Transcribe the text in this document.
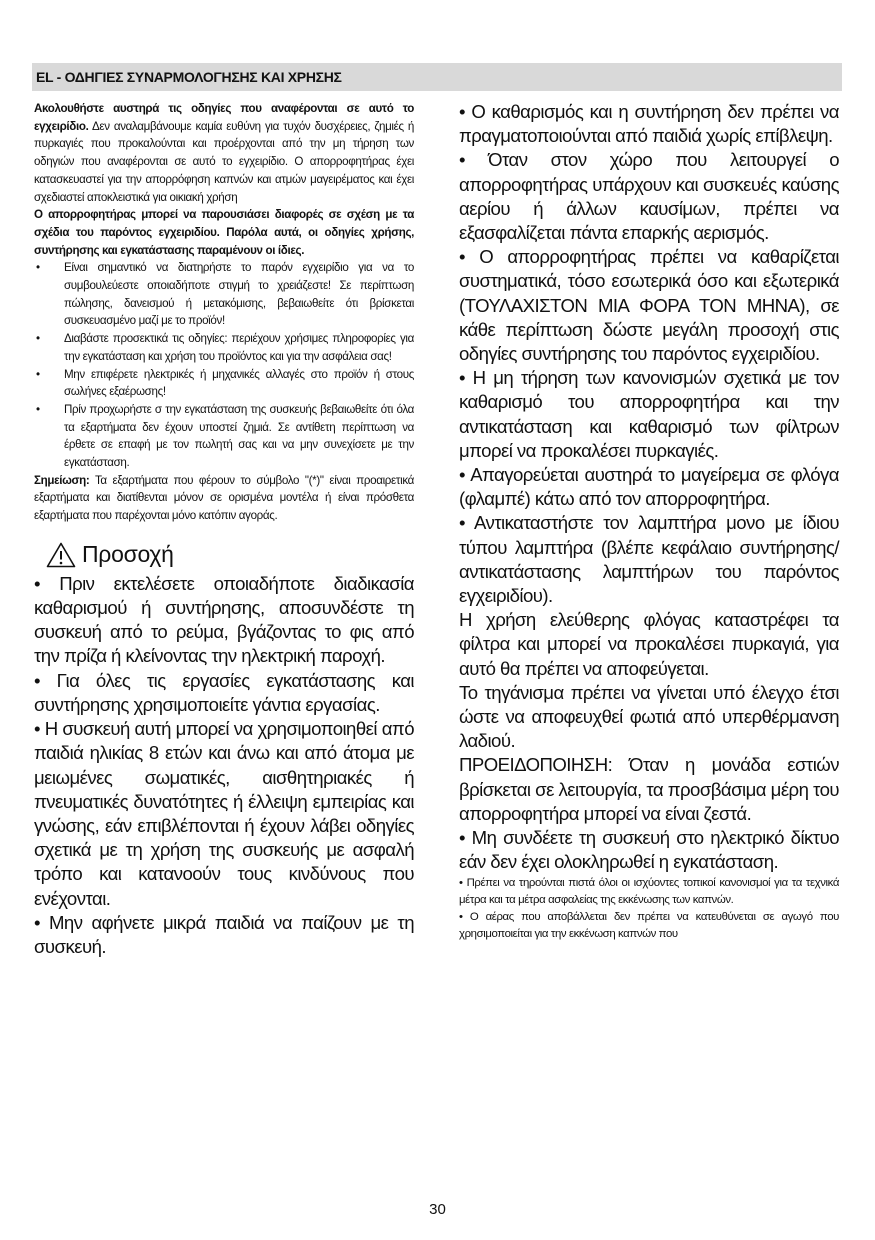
EL - ΟΔΗΓΙΕΣ ΣΥΝΑΡΜΟΛΟΓΗΣΗΣ ΚΑΙ ΧΡΗΣΗΣ

Ακολουθήστε αυστηρά τις οδηγίες που αναφέρονται σε αυτό το εγχειρίδιο. Δεν αναλαμβάνουμε καμία ευθύνη για τυχόν δυσχέρειες, ζημιές ή πυρκαγιές που προκαλούνται και προέρχονται από την μη τήρηση των οδηγιών που αναφέρονται σε αυτό το εγχειρίδιο. Ο απορροφητήρας έχει κατασκευαστεί για την απορρόφηση καπνών και ατμών μαγειρέματος και έχει σχεδιαστεί αποκλειστικά για οικιακή χρήση

Ο απορροφητήρας μπορεί να παρουσιάσει διαφορές σε σχέση με τα σχέδια του παρόντος εγχειριδίου. Παρόλα αυτά, οι οδηγίες χρήσης, συντήρησης και εγκατάστασης παραμένουν οι ίδιες.

• Είναι σημαντικό να διατηρήστε το παρόν εγχειρίδιο για να το συμβουλεύεστε οποιαδήποτε στιγμή το χρειάζεστε! Σε περίπτωση πώλησης, δανεισμού ή μετακόμισης, βεβαιωθείτε ότι βρίσκεται συσκευασμένο μαζί με το προϊόν!
• Διαβάστε προσεκτικά τις οδηγίες: περιέχουν χρήσιμες πληροφορίες για την εγκατάσταση και χρήση του προϊόντος και για την ασφάλεια σας!
• Μην επιφέρετε ηλεκτρικές ή μηχανικές αλλαγές στο προϊόν ή στους σωλήνες εξαέρωσης!
• Πρίν προχωρήστε σ την εγκατάσταση της συσκευής βεβαιωθείτε ότι όλα τα εξαρτήματα δεν έχουν υποστεί ζημιά. Σε αντίθετη περίπτωση να έρθετε σε επαφή με τον πωλητή σας και να μην συνεχίσετε με την εγκατάσταση.

Σημείωση: Τα εξαρτήματα που φέρουν το σύμβολο "(*)" είναι προαιρετικά εξαρτήματα και διατίθενται μόνον σε ορισμένα μοντέλα ή είναι πρόσθετα εξαρτήματα που παρέχονται μόνο κατόπιν αγοράς.

Προσοχή

• Πριν εκτελέσετε οποιαδήποτε διαδικασία καθαρισμού ή συντήρησης, αποσυνδέστε τη συσκευή από το ρεύμα, βγάζοντας το φις από την πρίζα ή κλείνοντας την ηλεκτρική παροχή.

• Για όλες τις εργασίες εγκατάστασης και συντήρησης χρησιμοποιείτε γάντια εργασίας.

• Η συσκευή αυτή μπορεί να χρησιμοποιηθεί από παιδιά ηλικίας 8 ετών και άνω και από άτομα με μειωμένες σωματικές, αισθητηριακές ή πνευματικές δυνατότητες ή έλλειψη εμπειρίας και γνώσης, εάν επιβλέπονται ή έχουν λάβει οδηγίες σχετικά με τη χρήση της συσκευής με ασφαλή τρόπο και κατανοούν τους κινδύνους που ενέχονται.

• Μην αφήνετε μικρά παιδιά να παίζουν με τη συσκευή.

• Ο καθαρισμός και η συντήρηση δεν πρέπει να πραγματοποιούνται από παιδιά χωρίς επίβλεψη.

• Όταν στον χώρο που λειτουργεί ο απορροφητήρας υπάρχουν και συσκευές καύσης αερίου ή άλλων καυσίμων, πρέπει να εξασφαλίζεται πάντα επαρκής αερισμός.

• Ο απορροφητήρας πρέπει να καθαρίζεται συστηματικά, τόσο εσωτερικά όσο και εξωτερικά (ΤΟΥΛΑΧΙΣΤΟΝ ΜΙΑ ΦΟΡΑ ΤΟΝ ΜΗΝΑ), σε κάθε περίπτωση δώστε μεγάλη προσοχή στις οδηγίες συντήρησης του παρόντος εγχειριδίου.

• Η μη τήρηση των κανονισμών σχετικά με τον καθαρισμό του απορροφητήρα και την αντικατάσταση και καθαρισμό των φίλτρων μπορεί να προκαλέσει πυρκαγιές.

• Απαγορεύεται αυστηρά το μαγείρεμα σε φλόγα (φλαμπέ) κάτω από τον απορροφητήρα.

• Αντικαταστήστε τον λαμπτήρα μονο με ίδιου τύπου λαμπτήρα (βλέπε κεφάλαιο συντήρησης/αντικατάστασης λαμπτήρων του παρόντος εγχειριδίου).

Η χρήση ελεύθερης φλόγας καταστρέφει τα φίλτρα και μπορεί να προκαλέσει πυρκαγιά, για αυτό θα πρέπει να αποφεύγεται.

Το τηγάνισμα πρέπει να γίνεται υπό έλεγχο έτσι ώστε να αποφευχθεί φωτιά από υπερθέρμανση λαδιού.

ΠΡΟΕΙΔΟΠΟΙΗΣΗ: Όταν η μονάδα εστιών βρίσκεται σε λειτουργία, τα προσβάσιμα μέρη του απορροφητήρα μπορεί να είναι ζεστά.

• Μη συνδέετε τη συσκευή στο ηλεκτρικό δίκτυο εάν δεν έχει ολοκληρωθεί η εγκατάσταση.

• Πρέπει να τηρούνται πιστά όλοι οι ισχύοντες τοπικοί κανονισμοί για τα τεχνικά μέτρα και τα μέτρα ασφαλείας της εκκένωσης των καπνών.

• Ο αέρας που αποβάλλεται δεν πρέπει να κατευθύνεται σε αγωγό που χρησιμοποιείται για την εκκένωση καπνών που

30
